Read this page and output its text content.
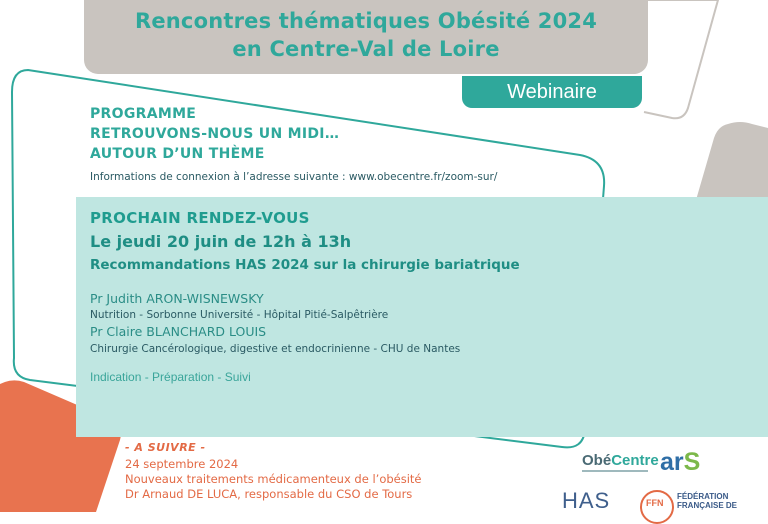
Rencontres thématiques Obésité 2024
en Centre-Val de Loire
Webinaire
PROGRAMME
RETROUVONS-NOUS UN MIDI…
AUTOUR D’UN THÈME
Informations de connexion à l’adresse suivante : www.obecentre.fr/zoom-sur/
PROCHAIN RENDEZ-VOUS
Le jeudi 20 juin de 12h à 13h
Recommandations HAS 2024 sur la chirurgie bariatrique
Pr Judith ARON-WISNEWSKY
Nutrition - Sorbonne Université - Hôpital Pitié-Salpêtrière
Pr Claire BLANCHARD LOUIS
Chirurgie Cancérologique, digestive et endocrinienne - CHU de Nantes
Indication - Préparation - Suivi
- A SUIVRE -
24 septembre 2024
Nouveaux traitements médicamenteux de l’obésité
Dr Arnaud DE LUCA, responsable du CSO de Tours
ObéCentre arS
HAS	FFN
FÉDÉRATION
FRANÇAISE DE
